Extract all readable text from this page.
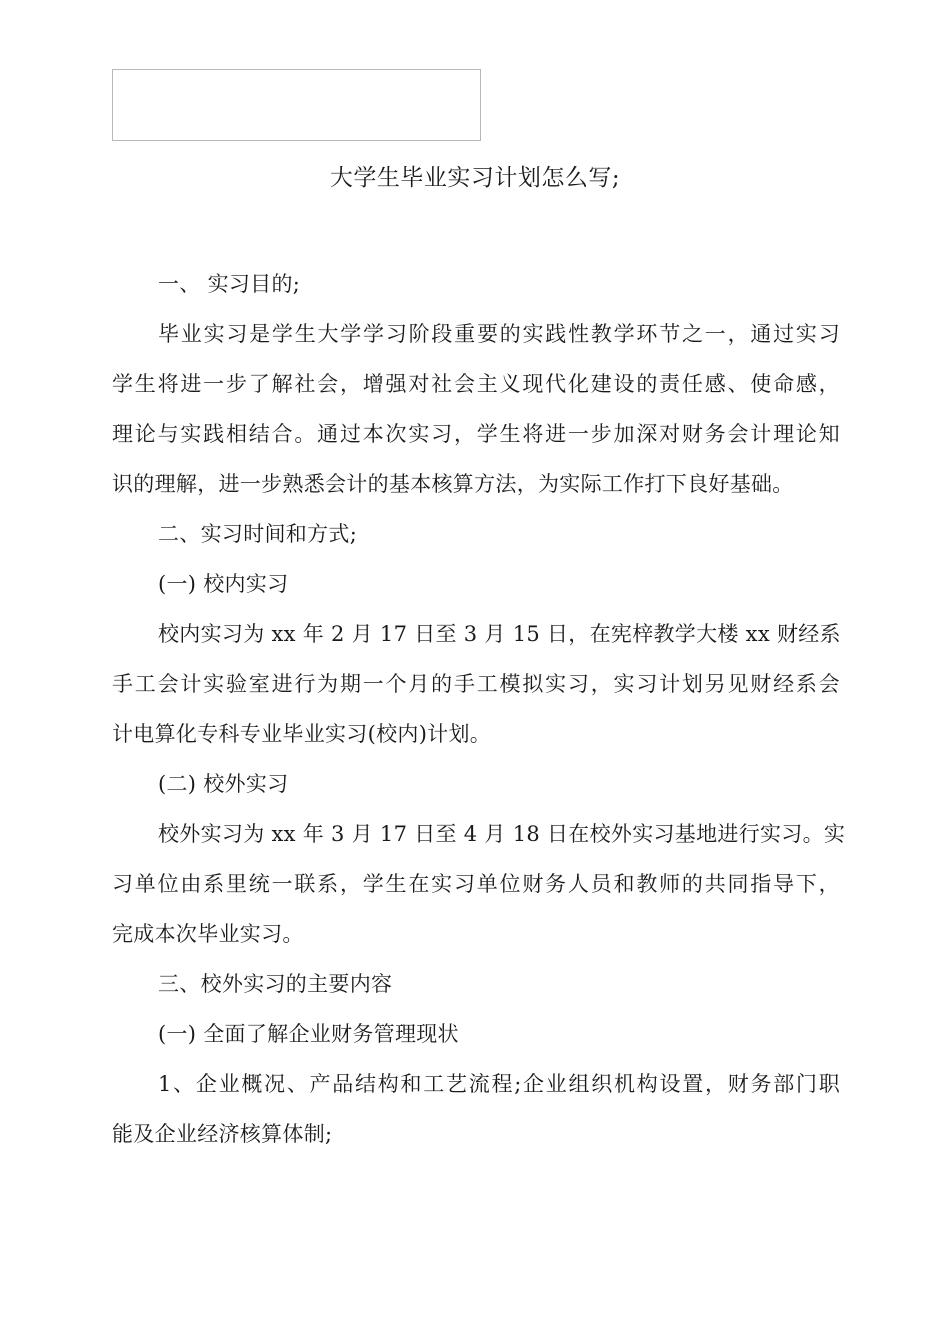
大学生毕业实习计划怎么写;
一、 实习目的;
毕业实习是学生大学学习阶段重要的实践性教学环节之一，通过实习
学生将进一步了解社会，增强对社会主义现代化建设的责任感、使命感，
理论与实践相结合。通过本次实习，学生将进一步加深对财务会计理论知
识的理解，进一步熟悉会计的基本核算方法，为实际工作打下良好基础。
二、实习时间和方式;
(一) 校内实习
校内实习为 xx 年 2 月 17 日至 3 月 15 日，在宪梓教学大楼 xx 财经系
手工会计实验室进行为期一个月的手工模拟实习，实习计划另见财经系会
计电算化专科专业毕业实习(校内)计划。
(二) 校外实习
校外实习为 xx 年 3 月 17 日至 4 月 18 日在校外实习基地进行实习。实
习单位由系里统一联系，学生在实习单位财务人员和教师的共同指导下，
完成本次毕业实习。
三、校外实习的主要内容
(一) 全面了解企业财务管理现状
1、企业概况、产品结构和工艺流程;企业组织机构设置，财务部门职
能及企业经济核算体制;
